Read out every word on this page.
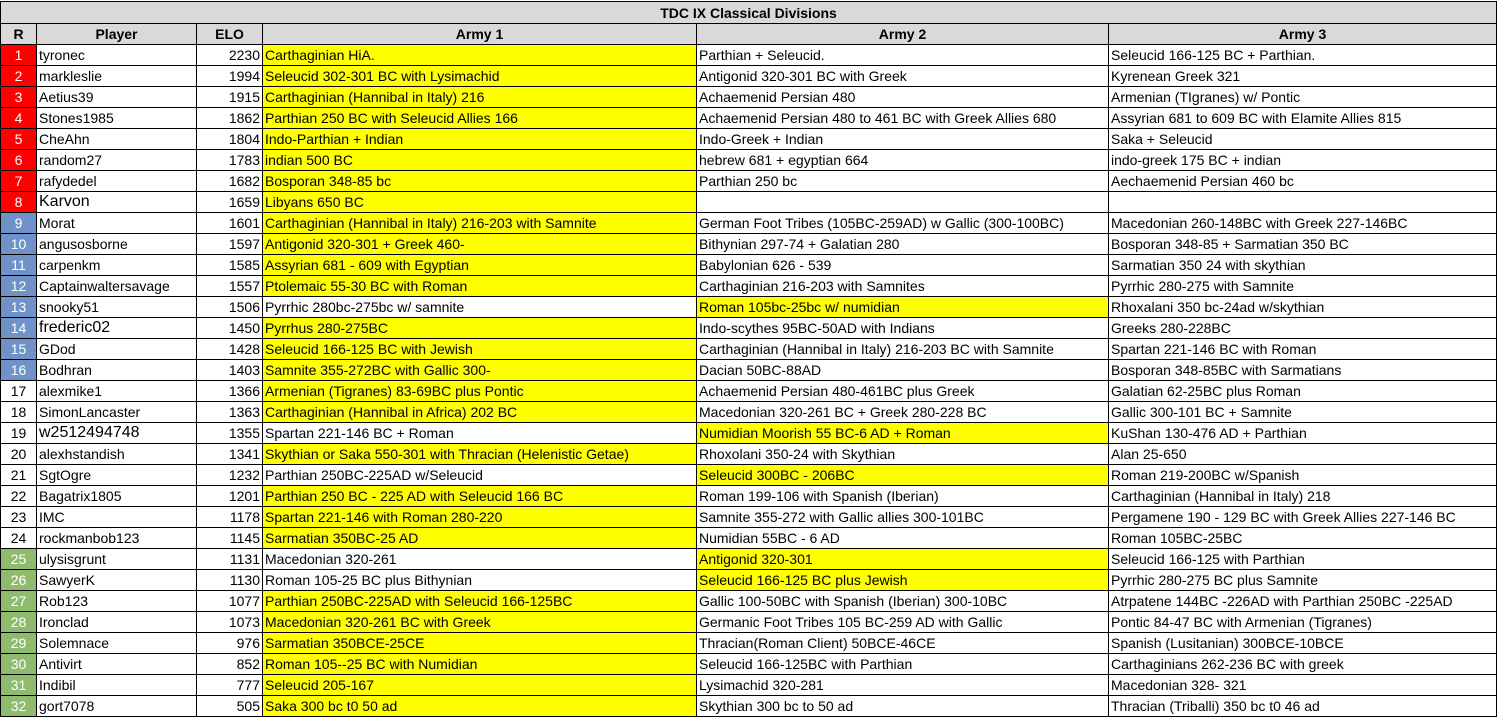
TDC IX Classical Divisions					
R	Player	ELO	Army 1	Army 2	Army 3
1	tyronec	2230	Carthaginian HiA.	Parthian + Seleucid.	Seleucid 166-125 BC + Parthian.
2	markleslie	1994	Seleucid 302-301 BC with Lysimachid	Antigonid 320-301 BC with Greek	Kyrenean Greek 321
3	Aetius39	1915	Carthaginian (Hannibal in Italy) 216	Achaemenid Persian 480	Armenian (TIgranes) w/ Pontic
4	Stones1985	1862	Parthian 250 BC with Seleucid Allies 166	Achaemenid Persian 480 to 461 BC with Greek Allies 680	Assyrian 681 to 609 BC with Elamite Allies 815
5	CheAhn	1804	Indo-Parthian + Indian	Indo-Greek + Indian	Saka + Seleucid
6	random27	1783	indian 500 BC	hebrew 681 + egyptian 664	indo-greek 175 BC + indian
7	rafydedel	1682	Bosporan 348-85 bc	Parthian 250 bc	Aechaemenid Persian 460 bc
8	Karvon	1659	Libyans 650 BC		
9	Morat	1601	Carthaginian (Hannibal in Italy) 216-203 with Samnite	German Foot Tribes (105BC-259AD) w Gallic (300-100BC)	Macedonian 260-148BC with Greek 227-146BC
10	angusosborne	1597	Antigonid 320-301 + Greek 460-	Bithynian 297-74 + Galatian 280	Bosporan 348-85 + Sarmatian 350 BC
11	carpenkm	1585	Assyrian 681 - 609 with Egyptian	Babylonian 626 - 539	Sarmatian 350 24 with skythian
12	Captainwaltersavage	1557	Ptolemaic 55-30 BC with Roman	Carthaginian 216-203 with Samnites	Pyrrhic 280-275 with Samnite
13	snooky51	1506	Pyrrhic 280bc-275bc w/ samnite	Roman 105bc-25bc w/ numidian	Rhoxalani 350 bc-24ad w/skythian
14	frederic02	1450	Pyrrhus 280-275BC	Indo-scythes 95BC-50AD with Indians	Greeks 280-228BC
15	GDod	1428	Seleucid 166-125 BC with Jewish	Carthaginian (Hannibal in Italy) 216-203 BC with Samnite	Spartan 221-146 BC with Roman
16	Bodhran	1403	Samnite 355-272BC with Gallic 300-	Dacian 50BC-88AD	Bosporan 348-85BC with Sarmatians
17	alexmike1	1366	Armenian (Tigranes) 83-69BC plus Pontic	Achaemenid Persian 480-461BC plus Greek	Galatian 62-25BC plus Roman
18	SimonLancaster	1363	Carthaginian (Hannibal in Africa) 202 BC	Macedonian 320-261 BC + Greek 280-228 BC	Gallic 300-101 BC + Samnite
19	w2512494748	1355	Spartan 221-146 BC + Roman	Numidian Moorish 55 BC-6 AD + Roman	KuShan 130-476 AD + Parthian
20	alexhstandish	1341	Skythian or Saka 550-301 with Thracian (Helenistic Getae)	Rhoxolani 350-24 with Skythian	Alan 25-650
21	SgtOgre	1232	Parthian 250BC-225AD w/Seleucid	Seleucid 300BC - 206BC	Roman 219-200BC w/Spanish
22	Bagatrix1805	1201	Parthian 250 BC - 225 AD with Seleucid 166 BC	Roman 199-106 with Spanish (Iberian)	Carthaginian (Hannibal in Italy) 218
23	IMC	1178	Spartan 221-146 with Roman 280-220	Samnite 355-272 with Gallic allies 300-101BC	Pergamene 190 - 129 BC with Greek Allies 227-146 BC
24	rockmanbob123	1145	Sarmatian 350BC-25 AD	Numidian 55BC - 6 AD	Roman 105BC-25BC
25	ulysisgrunt	1131	Macedonian 320-261	Antigonid 320-301	Seleucid 166-125 with Parthian
26	SawyerK	1130	Roman 105-25 BC plus Bithynian	Seleucid 166-125 BC plus Jewish	Pyrrhic 280-275 BC plus Samnite
27	Rob123	1077	Parthian 250BC-225AD with Seleucid 166-125BC	Gallic 100-50BC with Spanish (Iberian) 300-10BC	Atrpatene 144BC -226AD with Parthian 250BC -225AD
28	Ironclad	1073	Macedonian 320-261 BC with Greek	Germanic Foot Tribes 105 BC-259 AD with Gallic	Pontic 84-47 BC with Armenian (Tigranes)
29	Solemnace	976	Sarmatian 350BCE-25CE	Thracian(Roman Client) 50BCE-46CE	Spanish (Lusitanian) 300BCE-10BCE
30	Antivirt	852	Roman 105--25 BC with Numidian	Seleucid 166-125BC with Parthian	Carthaginians 262-236 BC with greek
31	Indibil	777	Seleucid 205-167	Lysimachid 320-281	Macedonian 328- 321
32	gort7078	505	Saka 300 bc t0 50 ad	Skythian 300 bc to 50 ad	Thracian (Triballi) 350 bc t0 46 ad
